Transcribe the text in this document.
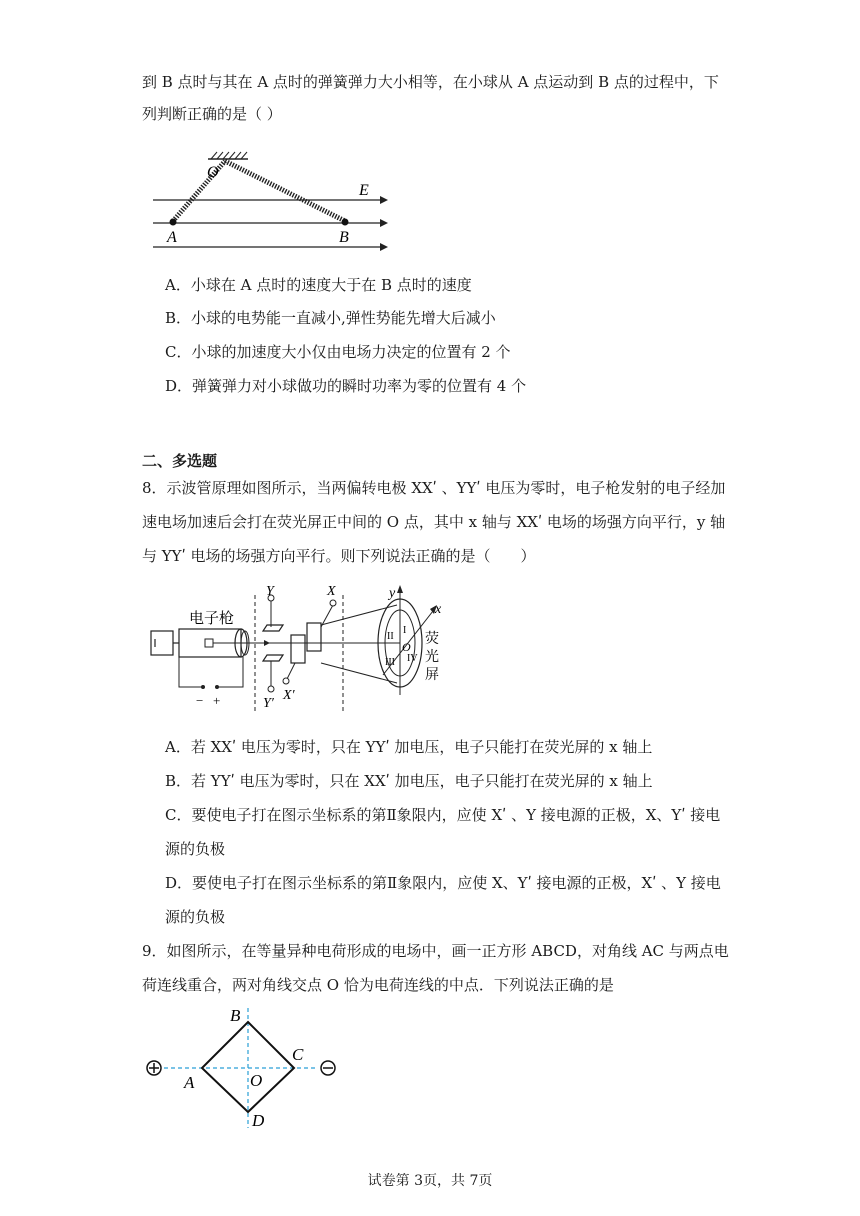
到 B 点时与其在 A 点时的弹簧弹力大小相等，在小球从 A 点运动到 B 点的过程中，下
列判断正确的是（ ）
O
E
A	B
A．小球在 A 点时的速度大于在 B 点时的速度
B．小球的电势能一直减小,弹性势能先增大后减小
C．小球的加速度大小仅由电场力决定的位置有 2 个
D．弹簧弹力对小球做功的瞬时功率为零的位置有 4 个
二、多选题
8．示波管原理如图所示，当两偏转电极 XXʹ 、YYʹ 电压为零时，电子枪发射的电子经加
速电场加速后会打在荧光屏正中间的 O 点，其中 x 轴与 XXʹ 电场的场强方向平行，y 轴
与 YYʹ 电场的场强方向平行。则下列说法正确的是（　　）
− +
电子枪
Y
Y′
X
X′
y
x
I
II
III IV
O 荧
光
屏
A．若 XXʹ 电压为零时，只在 YYʹ 加电压，电子只能打在荧光屏的 x 轴上
B．若 YYʹ 电压为零时，只在 XXʹ 加电压，电子只能打在荧光屏的 x 轴上
C．要使电子打在图示坐标系的第Ⅱ象限内，应使 Xʹ 、Y 接电源的正极，X、Yʹ 接电
源的负极
D．要使电子打在图示坐标系的第Ⅱ象限内，应使 X、Yʹ 接电源的正极，Xʹ 、Y 接电
源的负极
9．如图所示，在等量异种电荷形成的电场中，画一正方形 ABCD，对角线 AC 与两点电
荷连线重合，两对角线交点 O 恰为电荷连线的中点．下列说法正确的是
B
C
A	O
D
试卷第 3页，共 7页
